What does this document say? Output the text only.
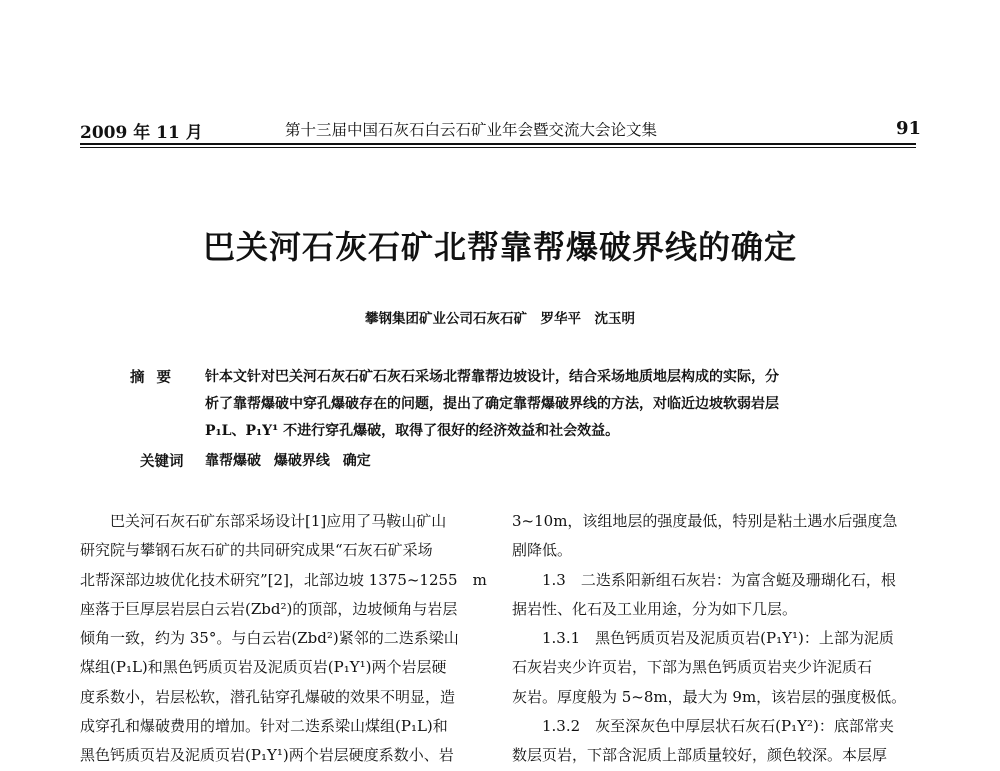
2009 年 11 月	第十三届中国石灰石白云石矿业年会暨交流大会论文集	91
巴关河石灰石矿北帮靠帮爆破界线的确定
攀钢集团矿业公司石灰石矿　罗华平　沈玉明
摘要 针本文针对巴关河石灰石矿石灰石采场北帮靠帮边坡设计，结合采场地质地层构成的实际，分
析了靠帮爆破中穿孔爆破存在的问题，提出了确定靠帮爆破界线的方法，对临近边坡软弱岩层
P₁L、P₁Y¹ 不进行穿孔爆破，取得了很好的经济效益和社会效益。
关键词 靠帮爆破 爆破界线 确定
巴关河石灰石矿东部采场设计[1]应用了马鞍山矿山
研究院与攀钢石灰石矿的共同研究成果“石灰石矿采场
北帮深部边坡优化技术研究”[2]，北部边坡 1375~1255　m
座落于巨厚层岩层白云岩(Zbd²)的顶部，边坡倾角与岩层
倾角一致，约为 35°。与白云岩(Zbd²)紧邻的二迭系梁山
煤组(P₁L)和黑色钙质页岩及泥质页岩(P₁Y¹)两个岩层硬
度系数小，岩层松软，潜孔钻穿孔爆破的效果不明显，造
成穿孔和爆破费用的增加。针对二迭系梁山煤组(P₁L)和
黑色钙质页岩及泥质页岩(P₁Y¹)两个岩层硬度系数小、岩
3~10m，该组地层的强度最低，特别是粘土遇水后强度急
剧降低。
1.3　二迭系阳新组石灰岩：为富含蜓及珊瑚化石，根
据岩性、化石及工业用途，分为如下几层。
1.3.1　黑色钙质页岩及泥质页岩(P₁Y¹)：上部为泥质
石灰岩夹少许页岩，下部为黑色钙质页岩夹少许泥质石
灰岩。厚度般为 5~8m，最大为 9m，该岩层的强度极低。
1.3.2　灰至深灰色中厚层状石灰石(P₁Y²)：底部常夹
数层页岩，下部含泥质上部质量较好，颜色较深。本层厚
